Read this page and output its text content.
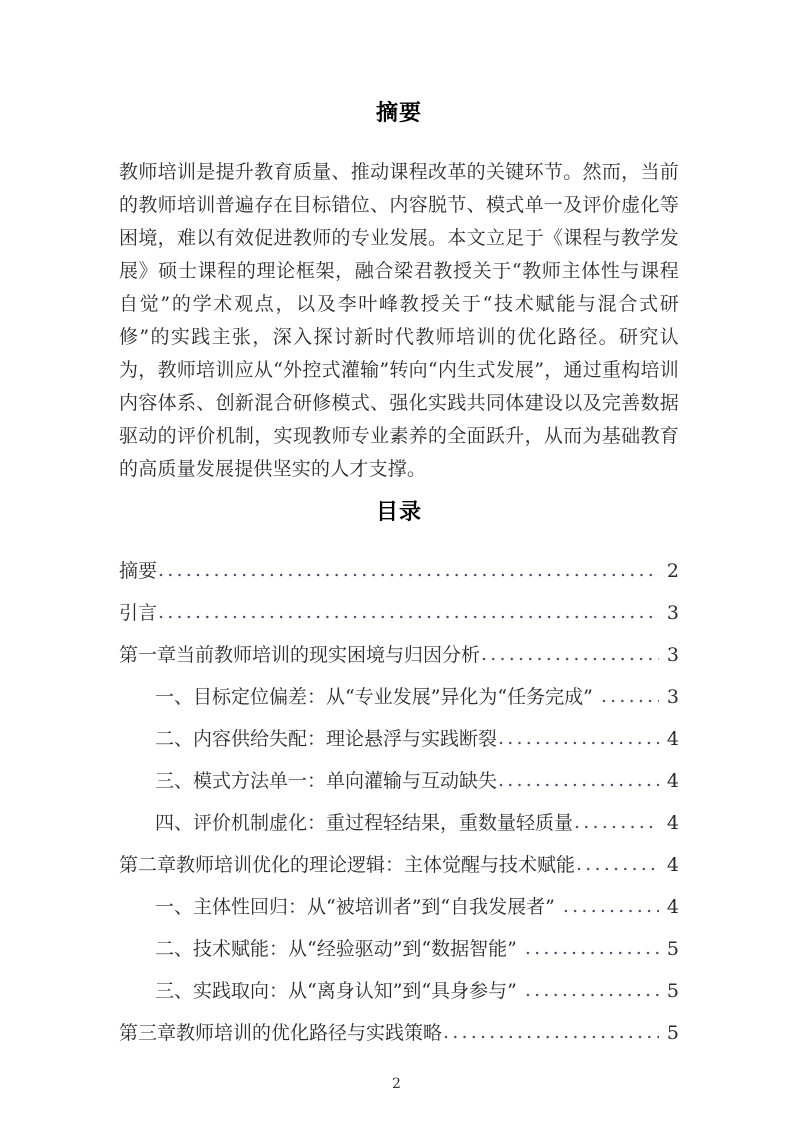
摘要
教师培训是提升教育质量、推动课程改革的关键环节。然而，当前的教师培训普遍存在目标错位、内容脱节、模式单一及评价虚化等困境，难以有效促进教师的专业发展。本文立足于《课程与教学发展》硕士课程的理论框架，融合梁君教授关于“教师主体性与课程自觉”的学术观点，以及李叶峰教授关于“技术赋能与混合式研修”的实践主张，深入探讨新时代教师培训的优化路径。研究认为，教师培训应从“外控式灌输”转向“内生式发展”，通过重构培训内容体系、创新混合研修模式、强化实践共同体建设以及完善数据驱动的评价机制，实现教师专业素养的全面跃升，从而为基础教育的高质量发展提供坚实的人才支撑。
目录
摘要 .....	2
引言 .....	3
第一章当前教师培训的现实困境与归因分析 .....	3
一、目标定位偏差：从“专业发展”异化为“任务完成” .....	3
二、内容供给失配：理论悬浮与实践断裂 .....	4
三、模式方法单一：单向灌输与互动缺失 .....	4
四、评价机制虚化：重过程轻结果，重数量轻质量 .....	4
第二章教师培训优化的理论逻辑：主体觉醒与技术赋能 .....	4
一、主体性回归：从“被培训者”到“自我发展者” .....	4
二、技术赋能：从“经验驱动”到“数据智能” .....	5
三、实践取向：从“离身认知”到“具身参与” .....	5
第三章教师培训的优化路径与实践策略 .....	5
2
